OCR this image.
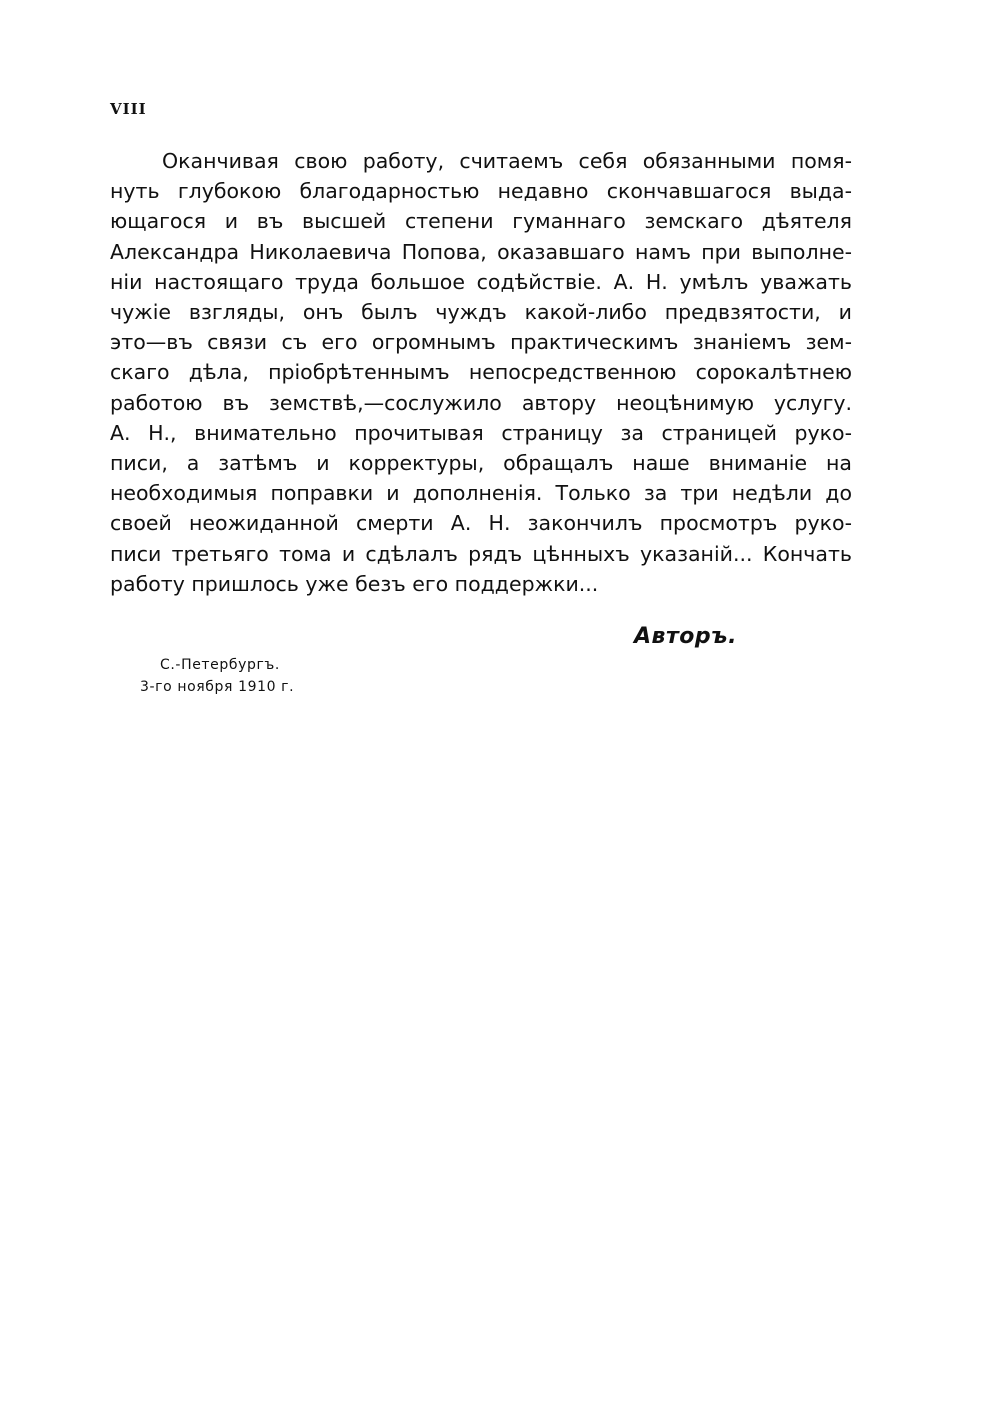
VIII
Оканчивая свою работу, считаемъ себя обязанными помя-
нуть глубокою благодарностью недавно скончавшагося выда-
ющагося и въ высшей степени гуманнаго земскаго дѣятеля
Александра Николаевича Попова, оказавшаго намъ при выполне-
нiи настоящаго труда большое содѣйствiе. А. Н. умѣлъ уважать
чужiе взгляды, онъ былъ чуждъ какой-либо предвзятости, и
это—въ связи съ его огромнымъ практическимъ знанiемъ зем-
скаго дѣла, прiобрѣтеннымъ непосредственною сорокалѣтнею
работою въ земствѣ,—сослужило автору неоцѣнимую услугу.
А. Н., внимательно прочитывая страницу за страницей руко-
писи, а затѣмъ и корректуры, обращалъ наше вниманiе на
необходимыя поправки и дополненiя. Только за три недѣли до
своей неожиданной смерти А. Н. закончилъ просмотръ руко-
писи третьяго тома и сдѣлалъ рядъ цѣнныхъ указанiй... Кончать
работу пришлось уже безъ его поддержки...
Авторъ.
С.-Петербургъ.
3-го ноября 1910 г.
